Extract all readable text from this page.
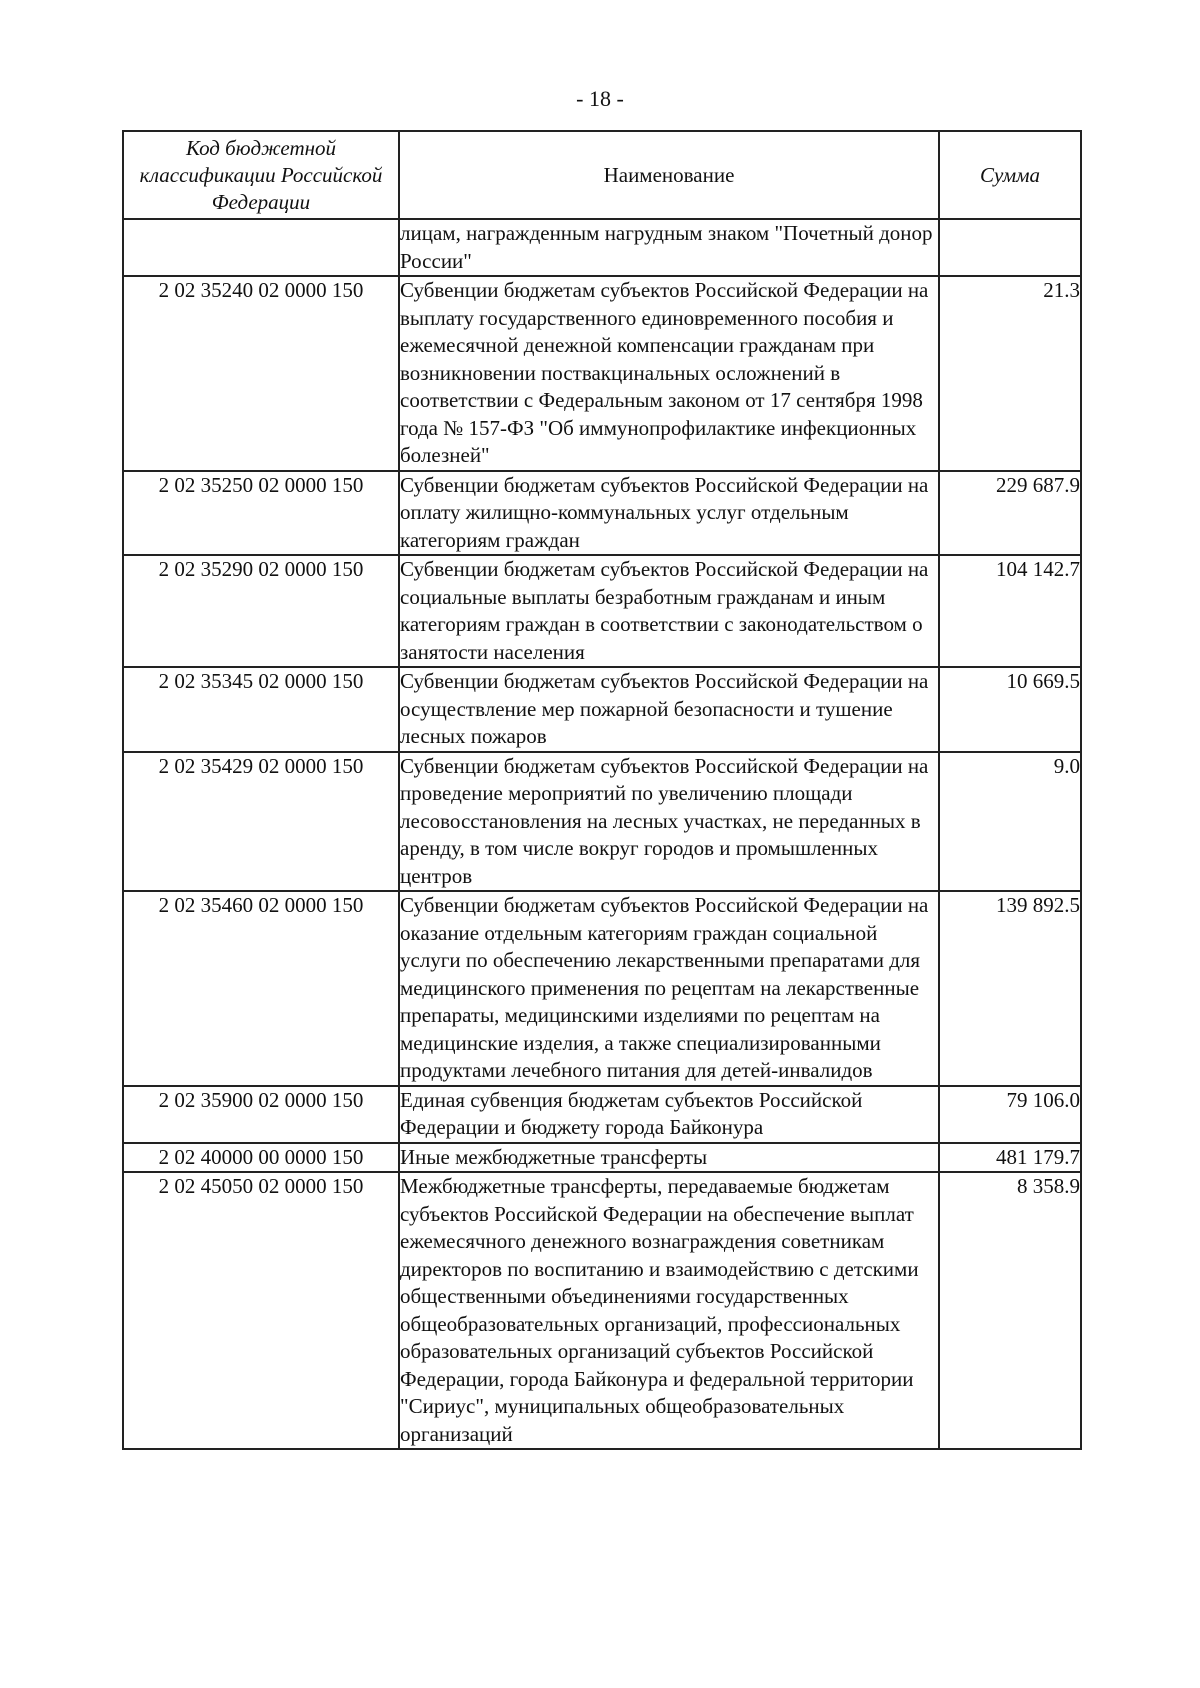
- 18 -
Код бюджетной классификации Российской Федерации	Наименование	Сумма
	лицам, награжденным нагрудным знаком "Почетный донор России"	
2 02 35240 02 0000 150	Субвенции бюджетам субъектов Российской Федерации на выплату государственного единовременного пособия и ежемесячной денежной компенсации гражданам при возникновении поствакцинальных осложнений в соответствии с Федеральным законом от 17 сентября 1998 года № 157-ФЗ "Об иммунопрофилактике инфекционных болезней"	21.3
2 02 35250 02 0000 150	Субвенции бюджетам субъектов Российской Федерации на оплату жилищно-коммунальных услуг отдельным категориям граждан	229 687.9
2 02 35290 02 0000 150	Субвенции бюджетам субъектов Российской Федерации на социальные выплаты безработным гражданам и иным категориям граждан в соответствии с законодательством о занятости населения	104 142.7
2 02 35345 02 0000 150	Субвенции бюджетам субъектов Российской Федерации на осуществление мер пожарной безопасности и тушение лесных пожаров	10 669.5
2 02 35429 02 0000 150	Субвенции бюджетам субъектов Российской Федерации на проведение мероприятий по увеличению площади лесовосстановления на лесных участках, не переданных в аренду, в том числе вокруг городов и промышленных центров	9.0
2 02 35460 02 0000 150	Субвенции бюджетам субъектов Российской Федерации на оказание отдельным категориям граждан социальной услуги по обеспечению лекарственными препаратами для медицинского применения по рецептам на лекарственные препараты, медицинскими изделиями по рецептам на медицинские изделия, а также специализированными продуктами лечебного питания для детей-инвалидов	139 892.5
2 02 35900 02 0000 150	Единая субвенция бюджетам субъектов Российской Федерации и бюджету города Байконура	79 106.0
2 02 40000 00 0000 150	Иные межбюджетные трансферты	481 179.7
2 02 45050 02 0000 150	Межбюджетные трансферты, передаваемые бюджетам субъектов Российской Федерации на обеспечение выплат ежемесячного денежного вознаграждения советникам директоров по воспитанию и взаимодействию с детскими общественными объединениями государственных общеобразовательных организаций, профессиональных образовательных организаций субъектов Российской Федерации, города Байконура и федеральной территории "Сириус", муниципальных общеобразовательных организаций	8 358.9
